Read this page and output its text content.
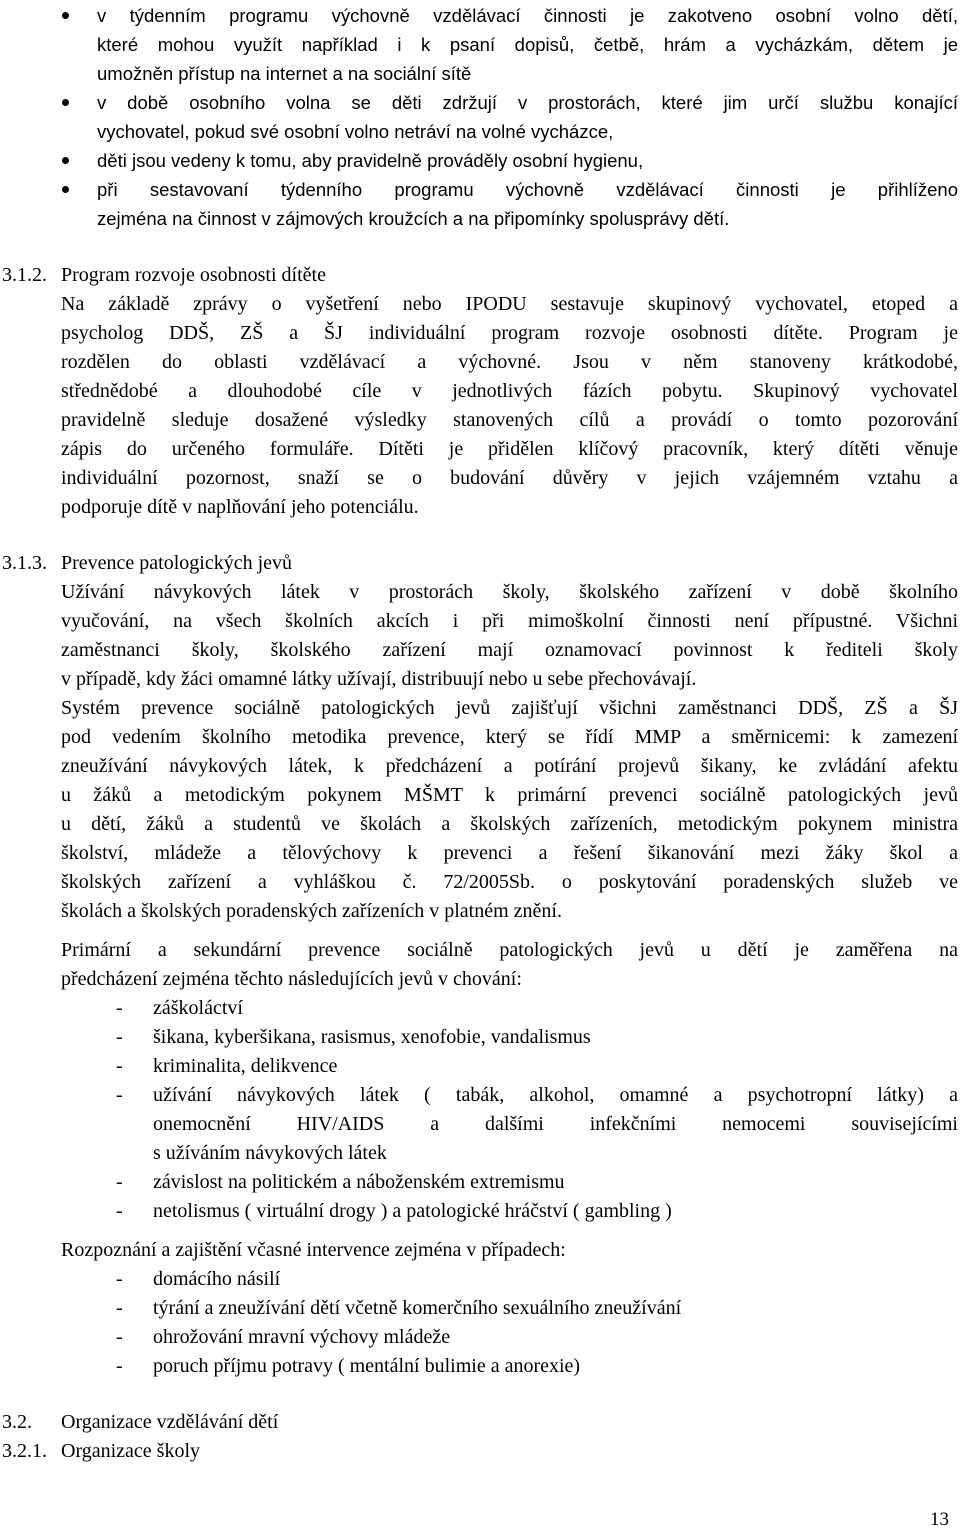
v týdenním programu výchovně vzdělávací činnosti je zakotveno osobní volno dětí,
které mohou využít například i k psaní dopisů, četbě, hrám a vycházkám, dětem je
umožněn přístup na internet a na sociální sítě
v době osobního volna se děti zdržují v prostorách, které jim určí službu konající
vychovatel, pokud své osobní volno netráví na volné vycházce,
děti jsou vedeny k tomu, aby pravidelně prováděly osobní hygienu,
při sestavovaní týdenního programu výchovně vzdělávací činnosti je přihlíženo
zejména na činnost v zájmových kroužcích a na připomínky spolusprávy dětí.
3.1.2. Program rozvoje osobnosti dítěte
Na základě zprávy o vyšetření nebo IPODU sestavuje skupinový vychovatel, etoped a
psycholog DDŠ, ZŠ a ŠJ individuální program rozvoje osobnosti dítěte. Program je
rozdělen do oblasti vzdělávací a výchovné. Jsou v něm stanoveny krátkodobé,
střednědobé a dlouhodobé cíle v jednotlivých fázích pobytu. Skupinový vychovatel
pravidelně sleduje dosažené výsledky stanovených cílů a provádí o tomto pozorování
zápis do určeného formuláře. Dítěti je přidělen klíčový pracovník, který dítěti věnuje
individuální pozornost, snaží se o budování důvěry v jejich vzájemném vztahu a
podporuje dítě v naplňování jeho potenciálu.
3.1.3. Prevence patologických jevů
Užívání návykových látek v prostorách školy, školského zařízení v době školního
vyučování, na všech školních akcích i při mimoškolní činnosti není přípustné. Všichni
zaměstnanci školy, školského zařízení mají oznamovací povinnost k řediteli školy
v případě, kdy žáci omamné látky užívají, distribuují nebo u sebe přechovávají.
Systém prevence sociálně patologických jevů zajišťují všichni zaměstnanci DDŠ, ZŠ a ŠJ
pod vedením školního metodika prevence, který se řídí MMP a směrnicemi: k zamezení
zneužívání návykových látek, k předcházení a potírání projevů šikany, ke zvládání afektu
u žáků a metodickým pokynem MŠMT k primární prevenci sociálně patologických jevů
u dětí, žáků a studentů ve školách a školských zařízeních, metodickým pokynem ministra
školství, mládeže a tělovýchovy k prevenci a řešení šikanování mezi žáky škol a
školských zařízení a vyhláškou č. 72/2005Sb. o poskytování poradenských služeb ve
školách a školských poradenských zařízeních v platném znění.
Primární a sekundární prevence sociálně patologických jevů u dětí je zaměřena na
předcházení zejména těchto následujících jevů v chování:
- záškoláctví
- šikana, kyberšikana, rasismus, xenofobie, vandalismus
- kriminalita, delikvence
- užívání návykových látek ( tabák, alkohol, omamné a psychotropní látky) a
onemocnění HIV/AIDS a dalšími infekčními nemocemi souvisejícími
s užíváním návykových látek
- závislost na politickém a náboženském extremismu
- netolismus ( virtuální drogy ) a patologické hráčství ( gambling )
Rozpoznání a zajištění včasné intervence zejména v případech:
- domácího násilí
- týrání a zneužívání dětí včetně komerčního sexuálního zneužívání
- ohrožování mravní výchovy mládeže
- poruch příjmu potravy ( mentální bulimie a anorexie)
3.2. Organizace vzdělávání dětí
3.2.1. Organizace školy
13
